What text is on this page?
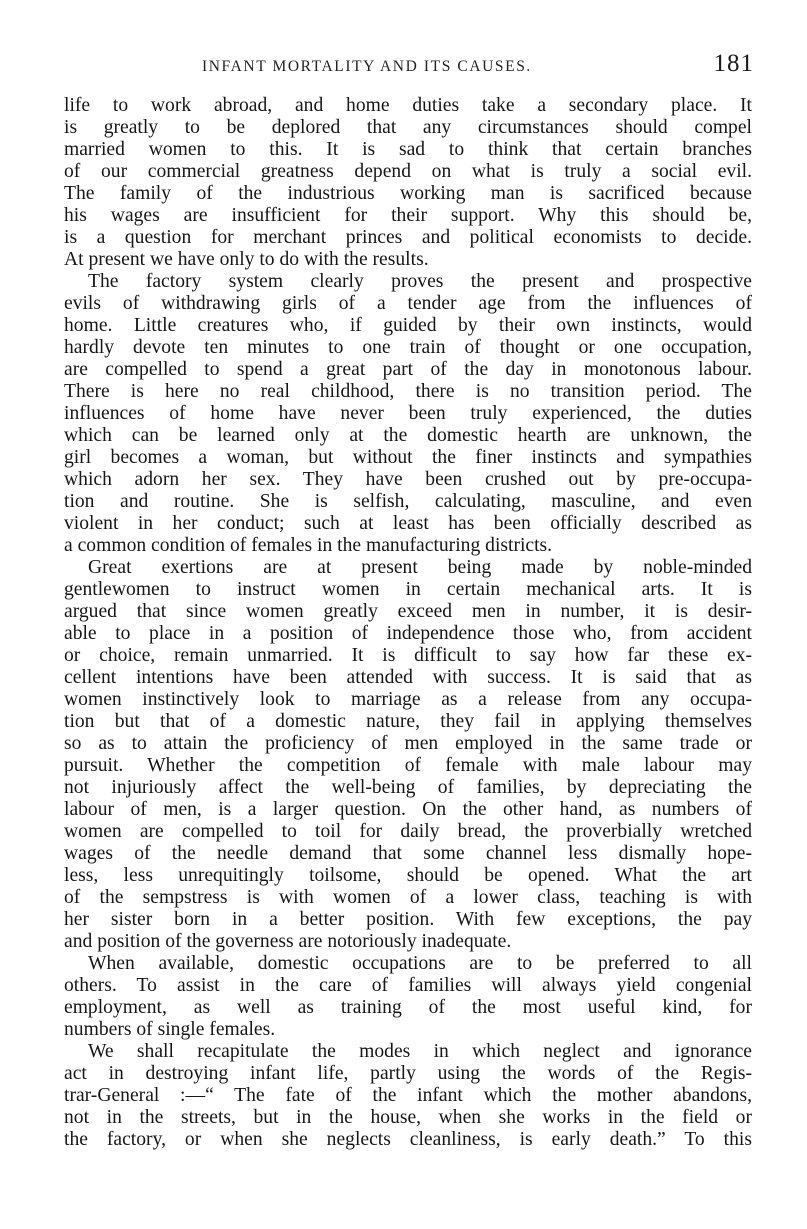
INFANT MORTALITY AND ITS CAUSES.	181
life to work abroad, and home duties take a secondary place. It
is greatly to be deplored that any circumstances should compel
married women to this. It is sad to think that certain branches
of our commercial greatness depend on what is truly a social evil.
The family of the industrious working man is sacrificed because
his wages are insufficient for their support. Why this should be,
is a question for merchant princes and political economists to decide.
At present we have only to do with the results.
The factory system clearly proves the present and prospective
evils of withdrawing girls of a tender age from the influences of
home. Little creatures who, if guided by their own instincts, would
hardly devote ten minutes to one train of thought or one occupation,
are compelled to spend a great part of the day in monotonous labour.
There is here no real childhood, there is no transition period. The
influences of home have never been truly experienced, the duties
which can be learned only at the domestic hearth are unknown, the
girl becomes a woman, but without the finer instincts and sympathies
which adorn her sex. They have been crushed out by pre-occupa-
tion and routine. She is selfish, calculating, masculine, and even
violent in her conduct; such at least has been officially described as
a common condition of females in the manufacturing districts.
Great exertions are at present being made by noble-minded
gentlewomen to instruct women in certain mechanical arts. It is
argued that since women greatly exceed men in number, it is desir-
able to place in a position of independence those who, from accident
or choice, remain unmarried. It is difficult to say how far these ex-
cellent intentions have been attended with success. It is said that as
women instinctively look to marriage as a release from any occupa-
tion but that of a domestic nature, they fail in applying themselves
so as to attain the proficiency of men employed in the same trade or
pursuit. Whether the competition of female with male labour may
not injuriously affect the well-being of families, by depreciating the
labour of men, is a larger question. On the other hand, as numbers of
women are compelled to toil for daily bread, the proverbially wretched
wages of the needle demand that some channel less dismally hope-
less, less unrequitingly toilsome, should be opened. What the art
of the sempstress is with women of a lower class, teaching is with
her sister born in a better position. With few exceptions, the pay
and position of the governess are notoriously inadequate.
When available, domestic occupations are to be preferred to all
others. To assist in the care of families will always yield congenial
employment, as well as training of the most useful kind, for
numbers of single females.
We shall recapitulate the modes in which neglect and ignorance
act in destroying infant life, partly using the words of the Regis-
trar-General :—“ The fate of the infant which the mother abandons,
not in the streets, but in the house, when she works in the field or
the factory, or when she neglects cleanliness, is early death.” To this
